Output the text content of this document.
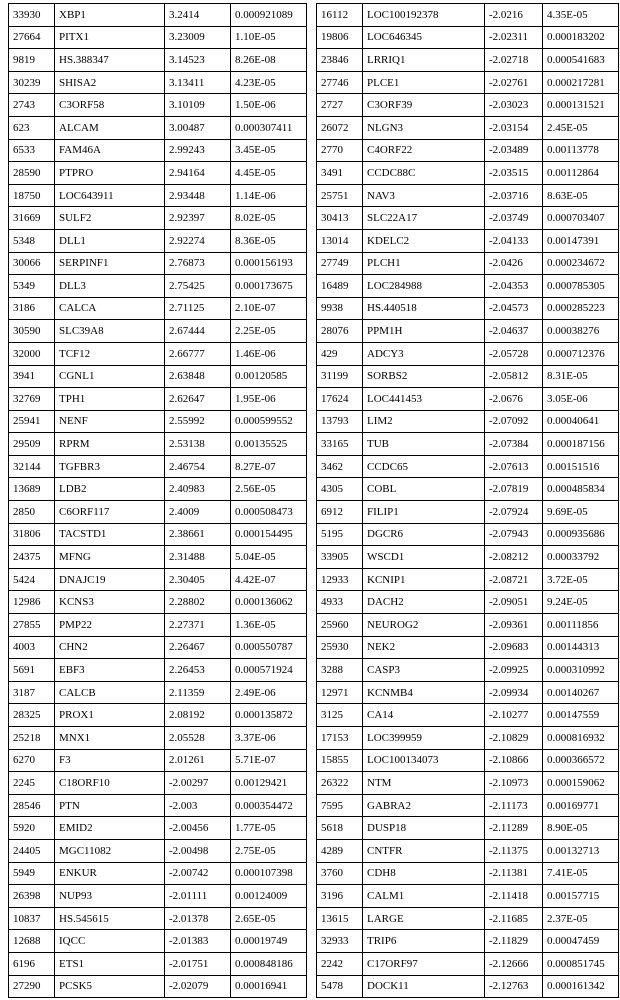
33930	XBP1	3.2414	0.000921089
27664	PITX1	3.23009	1.10E-05
9819	HS.388347	3.14523	8.26E-08
30239	SHISA2	3.13411	4.23E-05
2743	C3ORF58	3.10109	1.50E-06
623	ALCAM	3.00487	0.000307411
6533	FAM46A	2.99243	3.45E-05
28590	PTPRO	2.94164	4.45E-05
18750	LOC643911	2.93448	1.14E-06
31669	SULF2	2.92397	8.02E-05
5348	DLL1	2.92274	8.36E-05
30066	SERPINF1	2.76873	0.000156193
5349	DLL3	2.75425	0.000173675
3186	CALCA	2.71125	2.10E-07
30590	SLC39A8	2.67444	2.25E-05
32000	TCF12	2.66777	1.46E-06
3941	CGNL1	2.63848	0.00120585
32769	TPH1	2.62647	1.95E-06
25941	NENF	2.55992	0.000599552
29509	RPRM	2.53138	0.00135525
32144	TGFBR3	2.46754	8.27E-07
13689	LDB2	2.40983	2.56E-05
2850	C6ORF117	2.4009	0.000508473
31806	TACSTD1	2.38661	0.000154495
24375	MFNG	2.31488	5.04E-05
5424	DNAJC19	2.30405	4.42E-07
12986	KCNS3	2.28802	0.000136062
27855	PMP22	2.27371	1.36E-05
4003	CHN2	2.26467	0.000550787
5691	EBF3	2.26453	0.000571924
3187	CALCB	2.11359	2.49E-06
28325	PROX1	2.08192	0.000135872
25218	MNX1	2.05528	3.37E-06
6270	F3	2.01261	5.71E-07
2245	C18ORF10	-2.00297	0.00129421
28546	PTN	-2.003	0.000354472
5920	EMID2	-2.00456	1.77E-05
24405	MGC11082	-2.00498	2.75E-05
5949	ENKUR	-2.00742	0.000107398
26398	NUP93	-2.01111	0.00124009
10837	HS.545615	-2.01378	2.65E-05
12688	IQCC	-2.01383	0.00019749
6196	ETS1	-2.01751	0.000848186
27290	PCSK5	-2.02079	0.00016941
16112	LOC100192378	-2.0216	4.35E-05
19806	LOC646345	-2.02311	0.000183202
23846	LRRIQ1	-2.02718	0.000541683
27746	PLCE1	-2.02761	0.000217281
2727	C3ORF39	-2.03023	0.000131521
26072	NLGN3	-2.03154	2.45E-05
2770	C4ORF22	-2.03489	0.00113778
3491	CCDC88C	-2.03515	0.00112864
25751	NAV3	-2.03716	8.63E-05
30413	SLC22A17	-2.03749	0.000703407
13014	KDELC2	-2.04133	0.00147391
27749	PLCH1	-2.0426	0.000234672
16489	LOC284988	-2.04353	0.000785305
9938	HS.440518	-2.04573	0.000285223
28076	PPM1H	-2.04637	0.00038276
429	ADCY3	-2.05728	0.000712376
31199	SORBS2	-2.05812	8.31E-05
17624	LOC441453	-2.0676	3.05E-06
13793	LIM2	-2.07092	0.00040641
33165	TUB	-2.07384	0.000187156
3462	CCDC65	-2.07613	0.00151516
4305	COBL	-2.07819	0.000485834
6912	FILIP1	-2.07924	9.69E-05
5195	DGCR6	-2.07943	0.000935686
33905	WSCD1	-2.08212	0.00033792
12933	KCNIP1	-2.08721	3.72E-05
4933	DACH2	-2.09051	9.24E-05
25960	NEUROG2	-2.09361	0.00111856
25930	NEK2	-2.09683	0.00144313
3288	CASP3	-2.09925	0.000310992
12971	KCNMB4	-2.09934	0.00140267
3125	CA14	-2.10277	0.00147559
17153	LOC399959	-2.10829	0.000816932
15855	LOC100134073	-2.10866	0.000366572
26322	NTM	-2.10973	0.000159062
7595	GABRA2	-2.11173	0.00169771
5618	DUSP18	-2.11289	8.90E-05
4289	CNTFR	-2.11375	0.00132713
3760	CDH8	-2.11381	7.41E-05
3196	CALM1	-2.11418	0.00157715
13615	LARGE	-2.11685	2.37E-05
32933	TRIP6	-2.11829	0.00047459
2242	C17ORF97	-2.12666	0.000851745
5478	DOCK11	-2.12763	0.000161342
